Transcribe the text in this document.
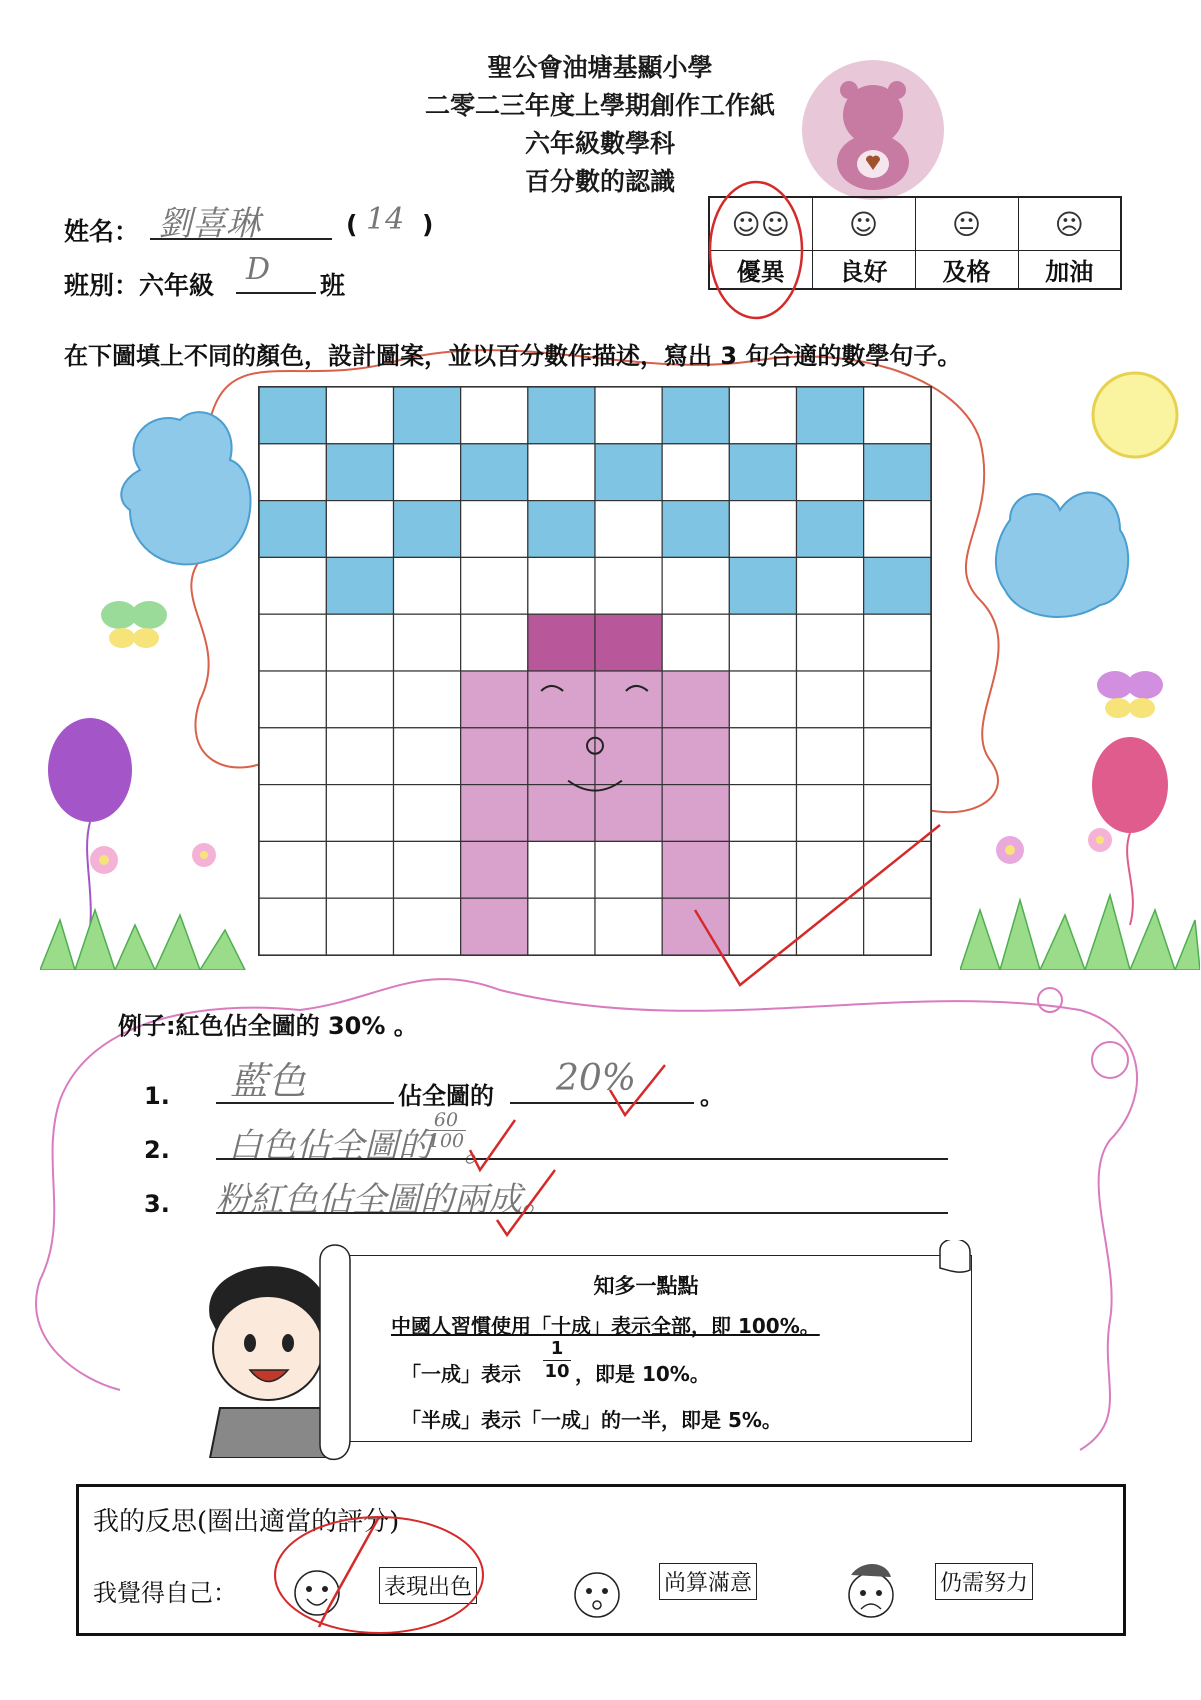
聖公會油塘基顯小學
二零二三年度上學期創作工作紙
六年級數學科
百分數的認識
姓名： 劉喜琳	( 14 )
班別：六年級 D 班
☺☺	☺	😐	☹
優異	良好	及格	加油
在下圖填上不同的顏色，設計圖案，並以百分數作描述，寫出 3 句合適的數學句子。
例子:紅色佔全圖的 30% 。
1. 藍色	佔全圖的 20%	。
2. 白色佔全圖的
$\frac{60}{100}$
。
3. 粉紅色佔全圖的兩成。
知多一點點
中國人習慣使用「十成」表示全部，即 100%。
「一成」表示 $\frac{1}{10}$ ，即是 10%。
「半成」表示「一成」的一半，即是 5%。
我的反思(圈出適當的評分)
我覺得自己：	表現出色	尚算滿意	仍需努力
